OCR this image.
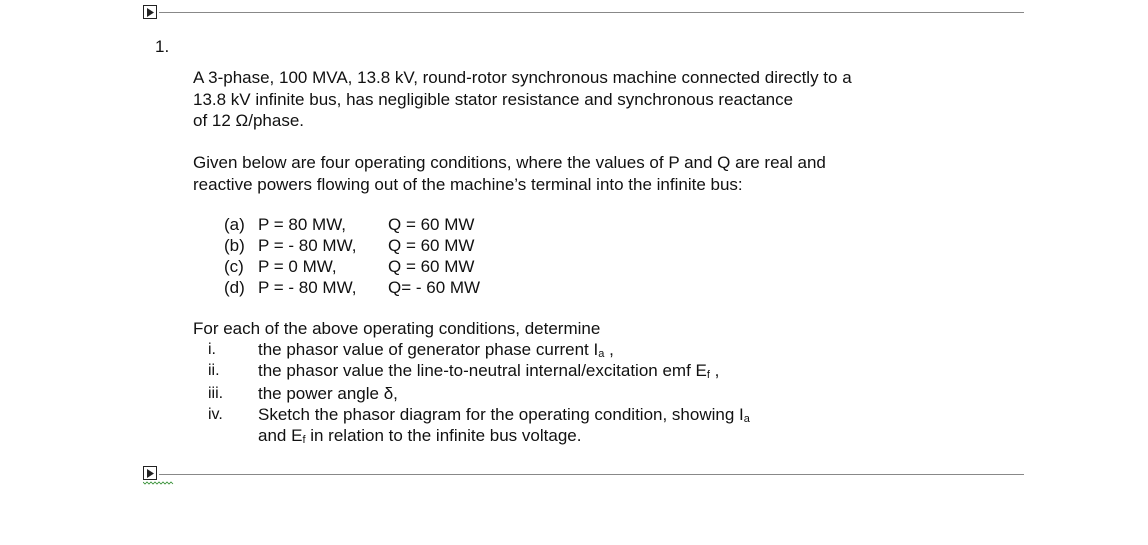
1.
A 3-phase, 100 MVA, 13.8 kV, round-rotor synchronous machine connected directly to a
13.8 kV infinite bus, has negligible stator resistance and synchronous reactance
of 12 Ω/phase.
Given below are four operating conditions, where the values of P and Q are real and
reactive powers flowing out of the machine’s terminal into the infinite bus:
(a) P = 80 MW, Q = 60 MW
(b) P = - 80 MW, Q = 60 MW
(c) P = 0 MW,	Q = 60 MW
(d) P = - 80 MW, Q= - 60 MW
For each of the above operating conditions, determine
i. the phasor value of generator phase current $I_a$ ,
ii. the phasor value the line-to-neutral internal/excitation emf $E_f$ ,
iii. the power angle δ,
iv. Sketch the phasor diagram for the operating condition, showing $I_a$
and $E_f$ in relation to the infinite bus voltage.
